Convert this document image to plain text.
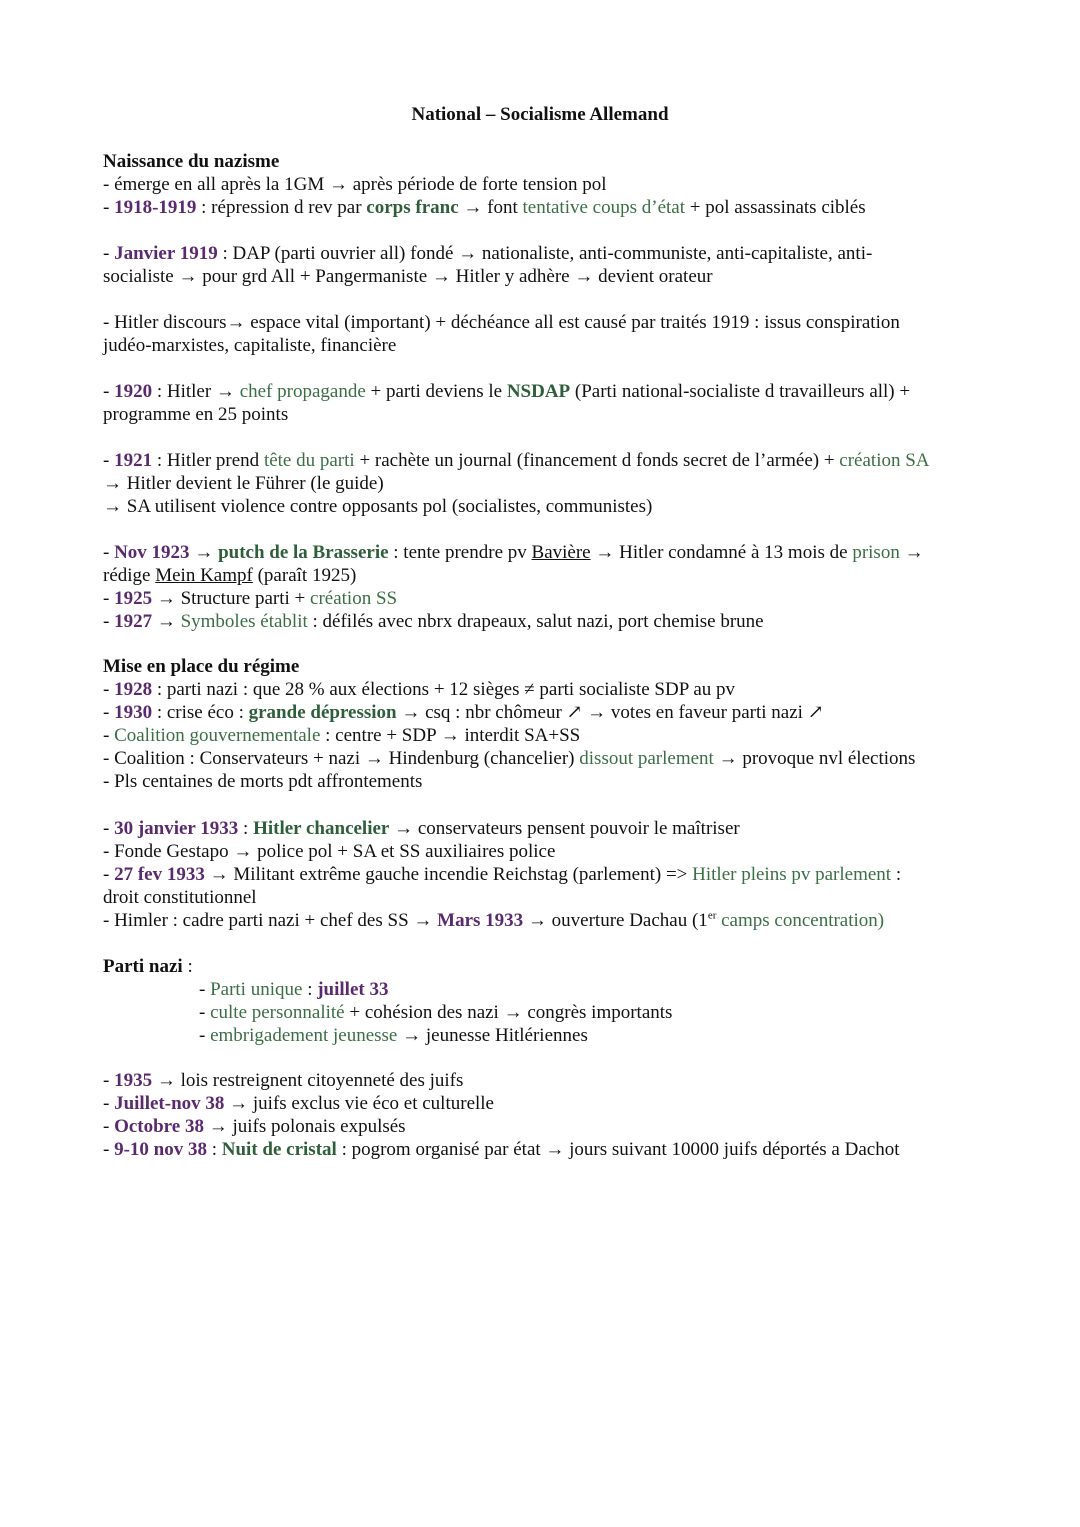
National – Socialisme Allemand
Naissance du nazisme
- émerge en all après la 1GM → après période de forte tension pol
- 1918-1919 : répression d rev par corps franc → font tentative coups d’état + pol assassinats ciblés
- Janvier 1919 : DAP (parti ouvrier all) fondé → nationaliste, anti-communiste, anti-capitaliste, anti-
socialiste → pour grd All + Pangermaniste → Hitler y adhère → devient orateur
- Hitler discours→ espace vital (important) + déchéance all est causé par traités 1919 : issus conspiration
judéo-marxistes, capitaliste, financière
- 1920 : Hitler → chef propagande + parti deviens le NSDAP (Parti national-socialiste d travailleurs all) +
programme en 25 points
- 1921 : Hitler prend tête du parti + rachète un journal (financement d fonds secret de l’armée) + création SA
→ Hitler devient le Führer (le guide)
→ SA utilisent violence contre opposants pol (socialistes, communistes)
- Nov 1923 → putch de la Brasserie : tente prendre pv Bavière → Hitler condamné à 13 mois de prison →
rédige Mein Kampf (paraît 1925)
- 1925 → Structure parti + création SS
- 1927 → Symboles établit : défilés avec nbrx drapeaux, salut nazi, port chemise brune
Mise en place du régime
- 1928 : parti nazi : que 28 % aux élections + 12 sièges ≠ parti socialiste SDP au pv
- 1930 : crise éco : grande dépression → csq : nbr chômeur ↗ → votes en faveur parti nazi ↗
- Coalition gouvernementale : centre + SDP → interdit SA+SS
- Coalition : Conservateurs + nazi → Hindenburg (chancelier) dissout parlement → provoque nvl élections
- Pls centaines de morts pdt affrontements
- 30 janvier 1933 : Hitler chancelier → conservateurs pensent pouvoir le maîtriser
- Fonde Gestapo → police pol + SA et SS auxiliaires police
- 27 fev 1933 → Militant extrême gauche incendie Reichstag (parlement) => Hitler pleins pv parlement :
droit constitutionnel
- Himler : cadre parti nazi + chef des SS → Mars 1933 → ouverture Dachau (1er camps concentration)
Parti nazi :
- Parti unique : juillet 33
- culte personnalité + cohésion des nazi → congrès importants
- embrigadement jeunesse → jeunesse Hitlériennes
- 1935 → lois restreignent citoyenneté des juifs
- Juillet-nov 38 → juifs exclus vie éco et culturelle
- Octobre 38 → juifs polonais expulsés
- 9-10 nov 38 : Nuit de cristal : pogrom organisé par état → jours suivant 10000 juifs déportés a Dachot
